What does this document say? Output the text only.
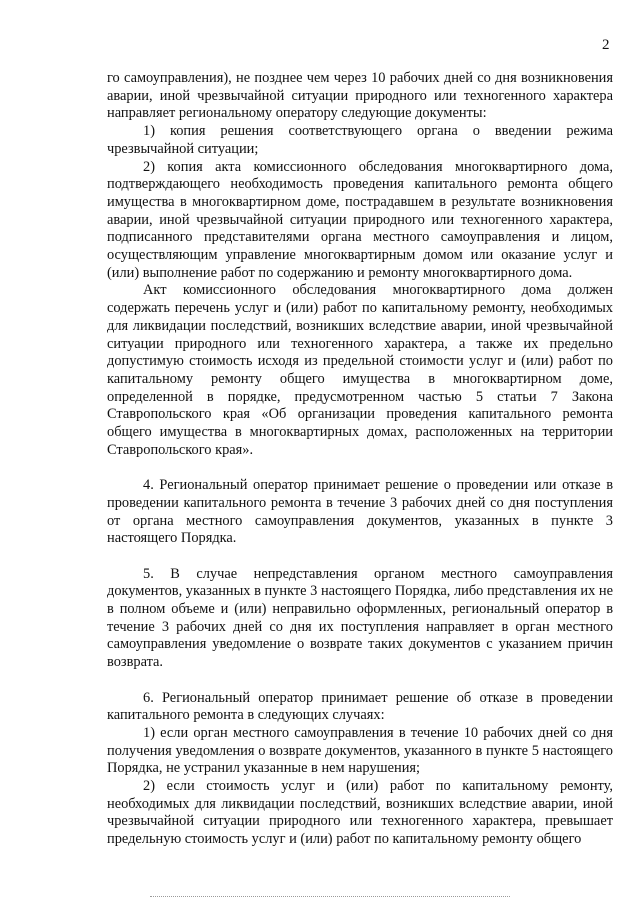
2

го самоуправления), не позднее чем через 10 рабочих дней со дня возникновения аварии, иной чрезвычайной ситуации природного или техногенного характера направляет региональному оператору следующие документы:

1) копия решения соответствующего органа о введении режима чрезвычайной ситуации;

2) копия акта комиссионного обследования многоквартирного дома, подтверждающего необходимость проведения капитального ремонта общего имущества в многоквартирном доме, пострадавшем в результате возникновения аварии, иной чрезвычайной ситуации природного или техногенного характера, подписанного представителями органа местного самоуправления и лицом, осуществляющим управление многоквартирным домом или оказание услуг и (или) выполнение работ по содержанию и ремонту многоквартирного дома.

Акт комиссионного обследования многоквартирного дома должен содержать перечень услуг и (или) работ по капитальному ремонту, необходимых для ликвидации последствий, возникших вследствие аварии, иной чрезвычайной ситуации природного или техногенного характера, а также их предельно допустимую стоимость исходя из предельной стоимости услуг и (или) работ по капитальному ремонту общего имущества в многоквартирном доме, определенной в порядке, предусмотренном частью 5 статьи 7 Закона Ставропольского края «Об организации проведения капитального ремонта общего имущества в многоквартирных домах, расположенных на территории Ставропольского края».

4. Региональный оператор принимает решение о проведении или отказе в проведении капитального ремонта в течение 3 рабочих дней со дня поступления от органа местного самоуправления документов, указанных в пункте 3 настоящего Порядка.

5. В случае непредставления органом местного самоуправления документов, указанных в пункте 3 настоящего Порядка, либо представления их не в полном объеме и (или) неправильно оформленных, региональный оператор в течение 3 рабочих дней со дня их поступления направляет в орган местного самоуправления уведомление о возврате таких документов с указанием причин возврата.

6. Региональный оператор принимает решение об отказе в проведении капитального ремонта в следующих случаях:

1) если орган местного самоуправления в течение 10 рабочих дней со дня получения уведомления о возврате документов, указанного в пункте 5 настоящего Порядка, не устранил указанные в нем нарушения;

2) если стоимость услуг и (или) работ по капитальному ремонту, необходимых для ликвидации последствий, возникших вследствие аварии, иной чрезвычайной ситуации природного или техногенного характера, превышает предельную стоимость услуг и (или) работ по капитальному ремонту общего
